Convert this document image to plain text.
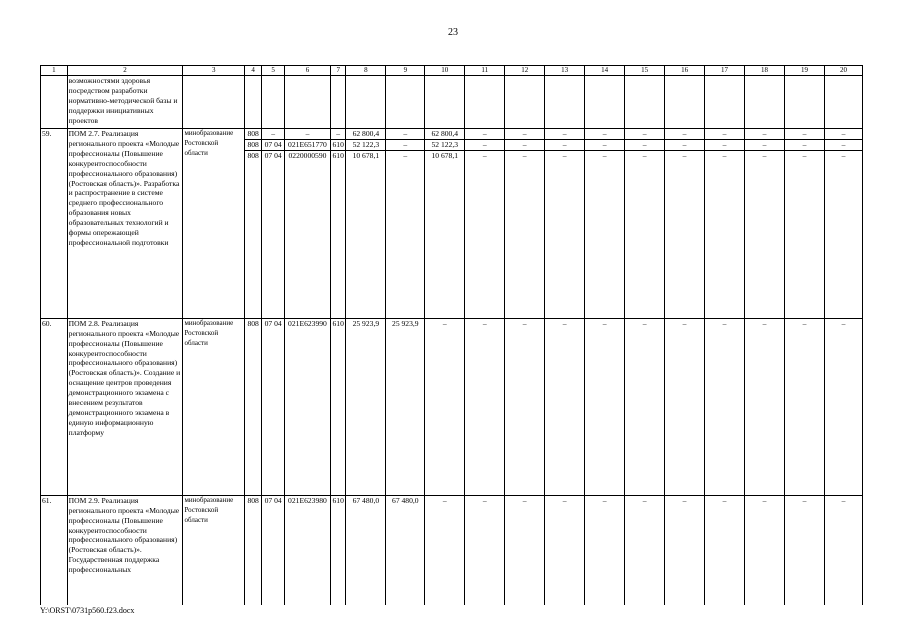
23
1	2	3	4	5	6	7	8	9	10	11	12	13	14	15	16	17	18	19	20
	возможностями здоровья посредством разработки нормативно-методической базы и поддержки инициативных проектов																		
59.	ПОМ 2.7. Реализация регионального проекта «Молодые профессионалы (Повышение конкурентоспособности профессионального образования) (Ростовская область)». Разработка и распространение в системе среднего профессионального образования новых образовательных технологий и формы опережающей профессиональной подготовки	минобразование Ростовской области	808	–	–	–	62 800,4	–	62 800,4	–	–	–	–	–	–	–	–	–	–
			808	07 04	021E651770	610	52 122,3	–	52 122,3	–	–	–	–	–	–	–	–	–	–
			808	07 04	0220000590	610	10 678,1	–	10 678,1	–	–	–	–	–	–	–	–	–	–
60.	ПОМ 2.8. Реализация регионального проекта «Молодые профессионалы (Повышение конкурентоспособности профессионального образования) (Ростовская область)». Создание и оснащение центров проведения демонстрационного экзамена с внесением результатов демонстрационного экзамена в единую информационную платформу	минобразование Ростовской области	808	07 04	021E623990	610	25 923,9	25 923,9	–	–	–	–	–	–	–	–	–	–	–
61.	ПОМ 2.9. Реализация регионального проекта «Молодые профессионалы (Повышение конкурентоспособности профессионального образования) (Ростовская область)». Государственная поддержка профессиональных	минобразование Ростовской области	808	07 04	021E623980	610	67 480,0	67 480,0	–	–	–	–	–	–	–	–	–	–	–
Y:\ORST\0731p560.f23.docx
